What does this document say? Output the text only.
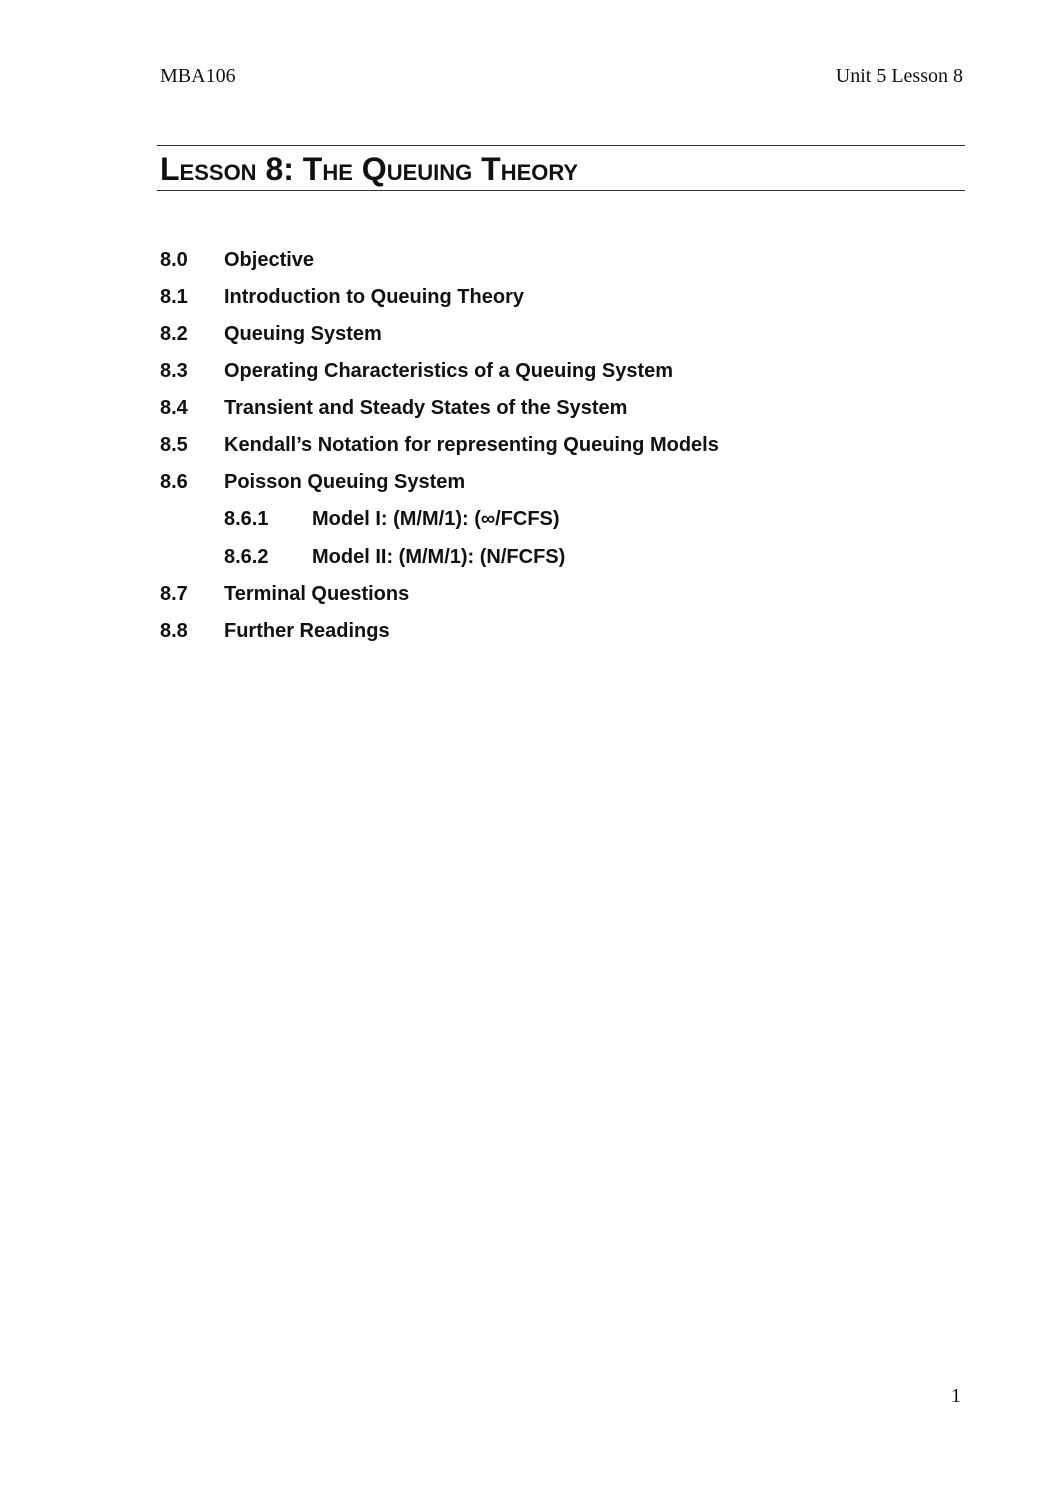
MBA106	Unit 5 Lesson 8
Lesson 8: The Queuing Theory
8.0	Objective
8.1	Introduction to Queuing Theory
8.2	Queuing System
8.3	Operating Characteristics of a Queuing System
8.4	Transient and Steady States of the System
8.5	Kendall’s Notation for representing Queuing Models
8.6	Poisson Queuing System
8.6.1	Model I: (M/M/1): (∞/FCFS)
8.6.2	Model II: (M/M/1): (N/FCFS)
8.7	Terminal Questions
8.8	Further Readings
1
